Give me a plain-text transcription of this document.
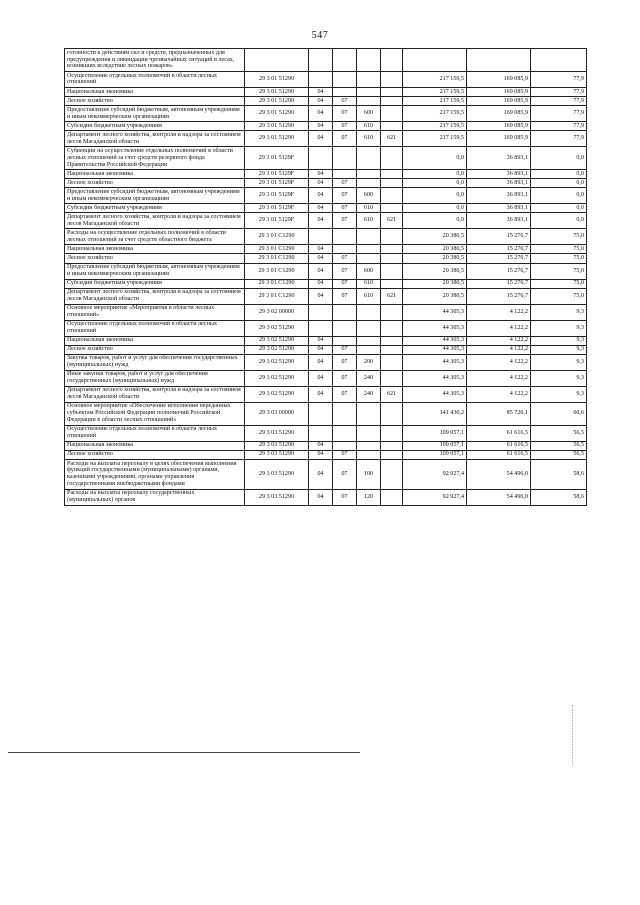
547
готовности к действиям сил и средств, предназначенных для предупреждения и ликвидации чрезвычайных ситуаций в лесах, возникших вследствие лесных пожаров»								
Осуществление отдельных полномочий в области лесных отношений	29 3 01 51290					217 159,5	169 085,9	77,9
Национальная экономика	29 3 01 51290	04				217 159,5	169 085,9	77,9
Лесное хозяйство	29 3 01 51290	04	07			217 159,5	169 085,9	77,9
Предоставление субсидий бюджетным, автономным учреждениям и иным некоммерческим организациям	29 3 01 51290	04	07	600		217 159,5	169 085,9	77,9
Субсидии бюджетным учреждениям	29 3 01 51290	04	07	610		217 159,5	169 085,9	77,9
Департамент лесного хозяйства, контроля и надзора за состоянием лесов Магаданской области	29 3 01 51290	04	07	610	621	217 159,5	169 085,9	77,9
Субвенции на осуществление отдельных полномочий в области лесных отношений за счет средств резервного фонда Правительства Российской Федерации	29 3 01 5129F					0,0	36 893,1	0,0
Национальная экономика	29 3 01 5129F	04				0,0	36 893,1	0,0
Лесное хозяйство	29 3 01 5129F	04	07			0,0	36 893,1	0,0
Предоставление субсидий бюджетным, автономным учреждениям и иным некоммерческим организациям	29 3 01 5129F	04	07	600		0,0	36 893,1	0,0
Субсидии бюджетным учреждениям	29 3 01 5129F	04	07	610		0,0	36 893,1	0,0
Департамент лесного хозяйства, контроля и надзора за состоянием лесов Магаданской области	29 3 01 5129F	04	07	610	621	0,0	36 893,1	0,0
Расходы на осуществление отдельных полномочий в области лесных отношений за счет средств областного бюджета	29 3 01 C1290					20 380,5	15 276,7	75,0
Национальная экономика	29 3 01 C1290	04				20 380,5	15 276,7	75,0
Лесное хозяйство	29 3 01 C1290	04	07			20 380,5	15 276,7	75,0
Предоставление субсидий бюджетным, автономным учреждениям и иным некоммерческим организациям	29 3 01 C1290	04	07	600		20 380,5	15 276,7	75,0
Субсидии бюджетным учреждениям	29 3 01 C1290	04	07	610		20 380,5	15 276,7	75,0
Департамент лесного хозяйства, контроля и надзора за состоянием лесов Магаданской области	29 3 01 C1290	04	07	610	621	20 380,5	15 276,7	75,0
Основное мероприятие «Мероприятия в области лесных отношений»	29 3 02 00000					44 305,3	4 122,2	9,3
Осуществление отдельных полномочий в области лесных отношений	29 3 02 51290					44 305,3	4 122,2	9,3
Национальная экономика	29 3 02 51290	04				44 305,3	4 122,2	9,3
Лесное хозяйство	29 3 02 51290	04	07			44 305,3	4 122,2	9,3
Закупка товаров, работ и услуг для обеспечения государственных (муниципальных) нужд	29 3 02 51290	04	07	200		44 305,3	4 122,2	9,3
Иные закупки товаров, работ и услуг для обеспечения государственных (муниципальных) нужд	29 3 02 51290	04	07	240		44 305,3	4 122,2	9,3
Департамент лесного хозяйства, контроля и надзора за состоянием лесов Магаданской области	29 3 02 51290	04	07	240	621	44 305,3	4 122,2	9,3
Основное мероприятие «Обеспечение исполнения переданных субъектам Российской Федерации полномочий Российской Федерации в области лесных отношений»	29 3 03 00000					141 430,2	85 720,1	60,6
Осуществление отдельных полномочий в области лесных отношений	29 3 03 51290					109 057,1	61 616,5	56,5
Национальная экономика	29 3 03 51290	04				109 057,1	61 616,5	56,5
Лесное хозяйство	29 3 03 51290	04	07			109 057,1	61 616,5	56,5
Расходы на выплаты персоналу в целях обеспечения выполнения функций государственными (муниципальными) органами, казенными учреждениями, органами управления государственными внебюджетными фондами	29 3 03 51290	04	07	100		92 927,4	54 496,0	58,6
Расходы на выплаты персоналу государственных (муниципальных) органов	29 3 03 51290	04	07	120		92 927,4	54 496,0	58,6
